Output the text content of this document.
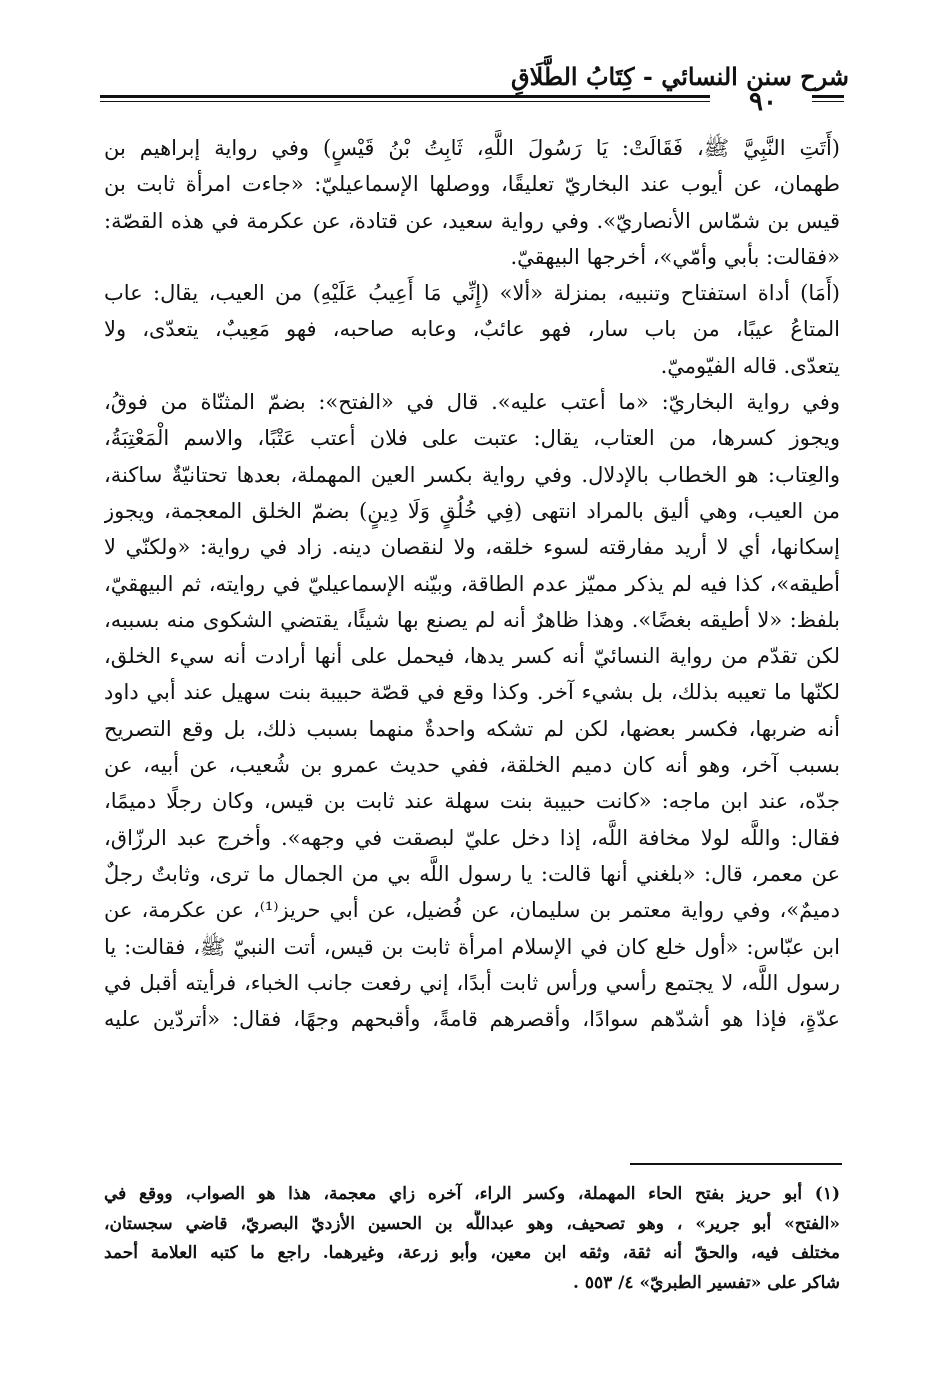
شرح سنن النسائي - كِتَابُ الطَّلَاقِ
٩٠
(أَتَتِ النَّبِيَّ ﷺ، فَقَالَتْ: يَا رَسُولَ اللَّهِ، ثَابِتُ بْنُ قَيْسٍ) وفي رواية إبراهيم بن
طهمان، عن أيوب عند البخاريّ تعليقًا، ووصلها الإسماعيليّ: «جاءت امرأة ثابت بن
قيس بن شمّاس الأنصاريّ». وفي رواية سعيد، عن قتادة، عن عكرمة في هذه القصّة:
«فقالت: بأبي وأمّي»، أخرجها البيهقيّ.
(أَمَا) أداة استفتاح وتنبيه، بمنزلة «ألا» (إِنِّي مَا أَعِيبُ عَلَيْهِ) من العيب، يقال: عاب
المتاعُ عيبًا، من باب سار، فهو عائبٌ، وعابه صاحبه، فهو مَعِيبٌ، يتعدّى، ولا
يتعدّى. قاله الفيّوميّ.
وفي رواية البخاريّ: «ما أعتب عليه». قال في «الفتح»: بضمّ المثنّاة من فوقُ،
ويجوز كسرها، من العتاب، يقال: عتبت على فلان أعتب عَتْبًا، والاسم الْمَعْتِبَةُ،
والعِتاب: هو الخطاب بالإدلال. وفي رواية بكسر العين المهملة، بعدها تحتانيّةٌ ساكنة،
من العيب، وهي أليق بالمراد انتهى (فِي خُلُقٍ وَلَا دِينٍ) بضمّ الخلق المعجمة، ويجوز
إسكانها، أي لا أريد مفارقته لسوء خلقه، ولا لنقصان دينه. زاد في رواية: «ولكنّي لا
أطيقه»، كذا فيه لم يذكر مميّز عدم الطاقة، وبيّنه الإسماعيليّ في روايته، ثم البيهقيّ،
بلفظ: «لا أطيقه بغضًا». وهذا ظاهرٌ أنه لم يصنع بها شيئًا، يقتضي الشكوى منه بسببه،
لكن تقدّم من رواية النسائيّ أنه كسر يدها، فيحمل على أنها أرادت أنه سيء الخلق،
لكنّها ما تعيبه بذلك، بل بشيء آخر. وكذا وقع في قصّة حبيبة بنت سهيل عند أبي داود
أنه ضربها، فكسر بعضها، لكن لم تشكه واحدةٌ منهما بسبب ذلك، بل وقع التصريح
بسبب آخر، وهو أنه كان دميم الخلقة، ففي حديث عمرو بن شُعيب، عن أبيه، عن
جدّه، عند ابن ماجه: «كانت حبيبة بنت سهلة عند ثابت بن قيس، وكان رجلًا دميمًا،
فقال: واللَّه لولا مخافة اللَّه، إذا دخل عليّ لبصقت في وجهه». وأخرج عبد الرزّاق،
عن معمر، قال: «بلغني أنها قالت: يا رسول اللَّه بي من الجمال ما ترى، وثابتٌ رجلٌ
دميمٌ»، وفي رواية معتمر بن سليمان، عن فُضيل، عن أبي حريز⁽¹⁾، عن عكرمة، عن
ابن عبّاس: «أول خلع كان في الإسلام امرأة ثابت بن قيس، أتت النبيّ ﷺ، فقالت: يا
رسول اللَّه، لا يجتمع رأسي ورأس ثابت أبدًا، إني رفعت جانب الخباء، فرأيته أقبل في
عدّةٍ، فإذا هو أشدّهم سوادًا، وأقصرهم قامةً، وأقبحهم وجهًا، فقال: «أتردّين عليه
(١) أبو حريز بفتح الحاء المهملة، وكسر الراء، آخره زاي معجمة، هذا هو الصواب، ووقع في
«الفتح» أبو جرير» ، وهو تصحيف، وهو عبداللَّه بن الحسين الأزديّ البصريّ، قاضي سجستان،
مختلف فيه، والحقّ أنه ثقة، وثقه ابن معين، وأبو زرعة، وغيرهما. راجع ما كتبه العلامة أحمد
شاكر على «تفسير الطبريّ» ٤/ ٥٥٣ .
